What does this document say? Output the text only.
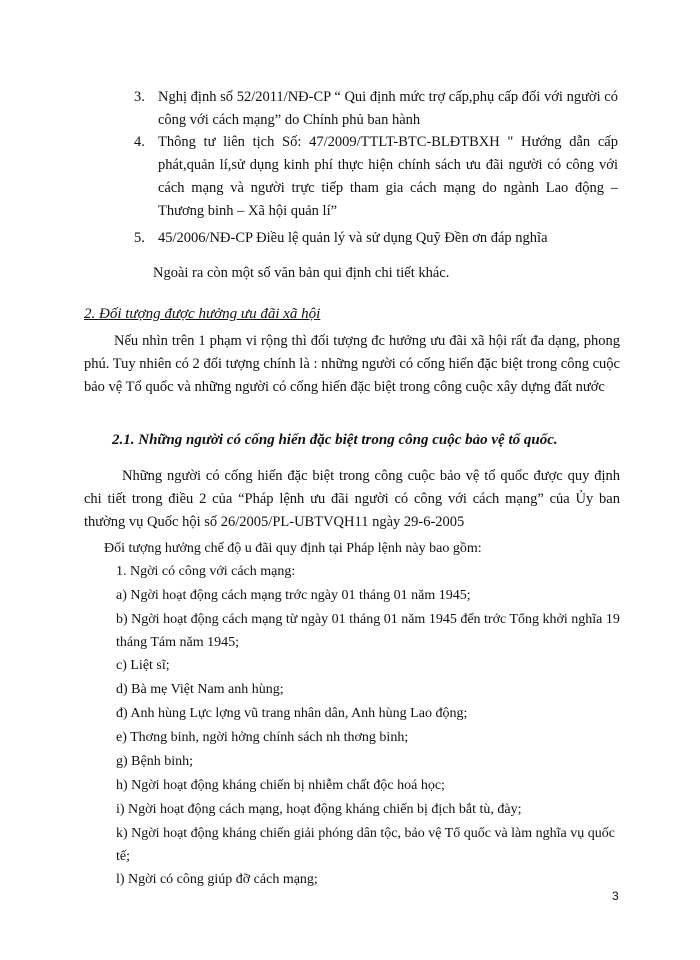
3. Nghị định số 52/2011/NĐ-CP “ Qui định mức trợ cấp,phụ cấp đối với người có công với cách mạng” do Chính phủ ban hành

4. Thông tư liên tịch Số: 47/2009/TTLT-BTC-BLĐTBXH " Hướng dẫn cấp phát,quản lí,sử dụng kinh phí thực hiện chính sách ưu đãi người có công với cách mạng và người trực tiếp tham gia cách mạng do ngành Lao động – Thương binh – Xã hội quản lí”

5. 45/2006/NĐ-CP Điều lệ quản lý và sử dụng Quỹ Đền ơn đáp nghĩa

Ngoài ra còn một số văn bản qui định chi tiết khác.

2. Đối tượng được hưởng ưu đãi xã hội

Nếu nhìn trên 1 phạm vi rộng thì đối tượng đc hưởng ưu đãi xã hội rất đa dạng, phong phú. Tuy nhiên có 2 đối tượng chính là : những người có cống hiến đặc biệt trong công cuộc bảo vệ Tổ quốc và những người có cống hiến đặc biệt trong công cuộc xây dựng đất nước

2.1. Những người có cống hiến đặc biệt trong công cuộc bảo vệ tổ quốc.

Những người có cống hiến đặc biệt trong công cuộc bảo vệ tổ quốc được quy định chi tiết trong điều 2 của “Pháp lệnh ưu đãi người có công với cách mạng” của Ủy ban thường vụ Quốc hội số 26/2005/PL-UBTVQH11 ngày 29-6-2005

Đối tượng hưởng chế độ u đãi quy định tại Pháp lệnh này bao gồm:

1. Ngời có công với cách mạng:

a) Ngời hoạt động cách mạng trớc ngày 01 tháng 01 năm 1945;

b) Ngời hoạt động cách mạng từ ngày 01 tháng 01 năm 1945 đến trớc Tổng khởi nghĩa 19 tháng Tám năm 1945;

c) Liệt sĩ;

d) Bà mẹ Việt Nam anh hùng;

đ) Anh hùng Lực lợng vũ trang nhân dân, Anh hùng Lao động;

e) Thơng binh, ngời hởng chính sách nh thơng binh;

g) Bệnh binh;

h) Ngời hoạt động kháng chiến bị nhiễm chất độc hoá học;

i) Ngời hoạt động cách mạng, hoạt động kháng chiến bị địch bắt tù, đày;

k) Ngời hoạt động kháng chiến giải phóng dân tộc, bảo vệ Tổ quốc và làm nghĩa vụ quốc tế;

l) Ngời có công giúp đỡ cách mạng;

3
